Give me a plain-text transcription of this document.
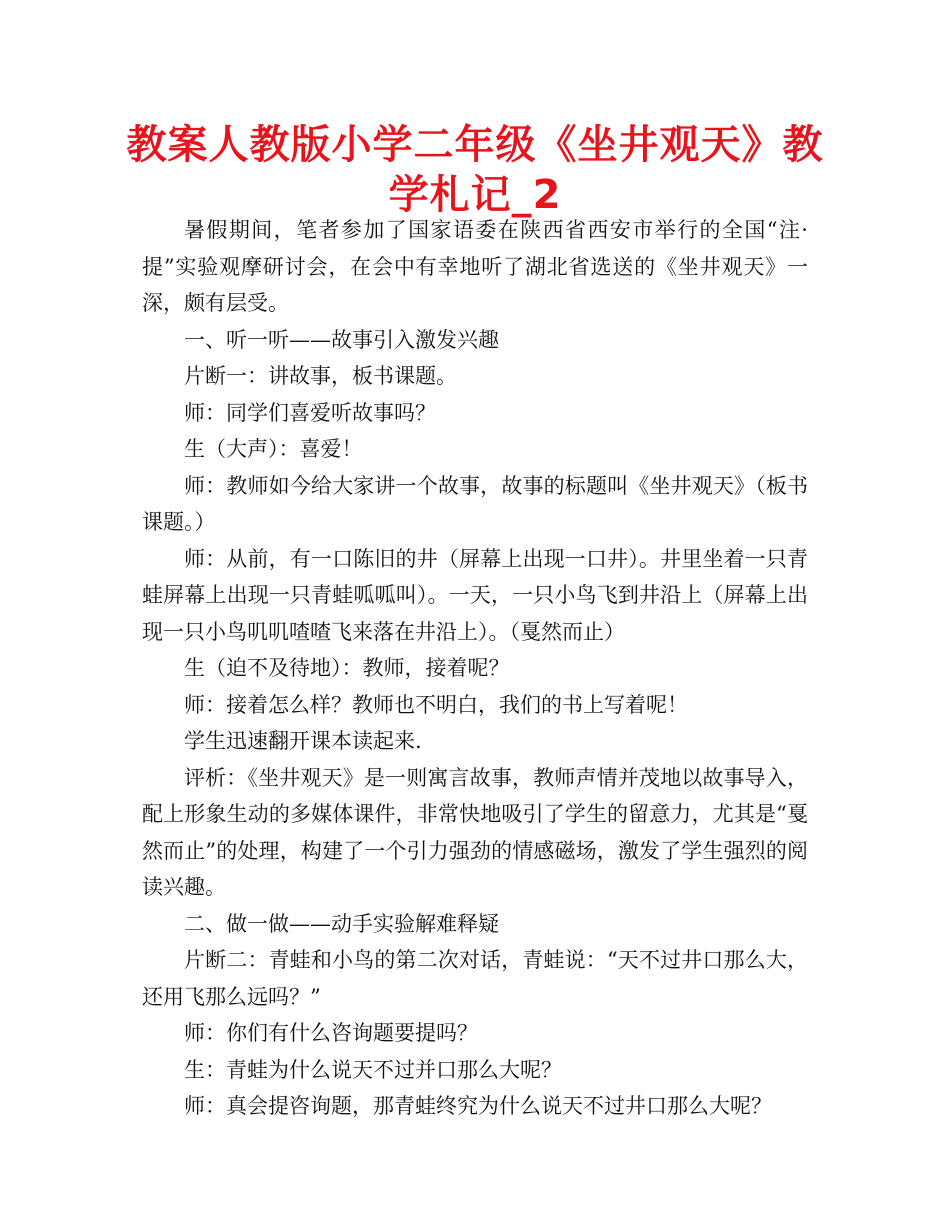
教案人教版小学二年级《坐井观天》教学札记_2

暑假期间，笔者参加了国家语委在陕西省西安市举行的全国“注·提”实验观摩研讨会，在会中有幸地听了湖北省选送的《坐井观天》一深，颇有层受。

一、听一听——故事引入激发兴趣

片断一：讲故事，板书课题。

师：同学们喜爱听故事吗？

生（大声）：喜爱！

师：教师如今给大家讲一个故事，故事的标题叫《坐井观天》（板书课题。）

师：从前，有一口陈旧的井（屏幕上出现一口井）。井里坐着一只青蛙屏幕上出现一只青蛙呱呱叫）。一天，一只小鸟飞到井沿上（屏幕上出现一只小鸟叽叽喳喳飞来落在井沿上）。（戛然而止）

生（迫不及待地）：教师，接着呢？

师：接着怎么样？教师也不明白，我们的书上写着呢！

学生迅速翻开课本读起来.

评析：《坐井观天》是一则寓言故事，教师声情并茂地以故事导入，配上形象生动的多媒体课件，非常快地吸引了学生的留意力，尤其是“戛然而止”的处理，构建了一个引力强劲的情感磁场，激发了学生强烈的阅读兴趣。

二、做一做——动手实验解难释疑

片断二：青蛙和小鸟的第二次对话，青蛙说：“天不过井口那么大，还用飞那么远吗？”

师：你们有什么咨询题要提吗？

生：青蛙为什么说天不过并口那么大呢？

师：真会提咨询题，那青蛙终究为什么说天不过井口那么大呢？
